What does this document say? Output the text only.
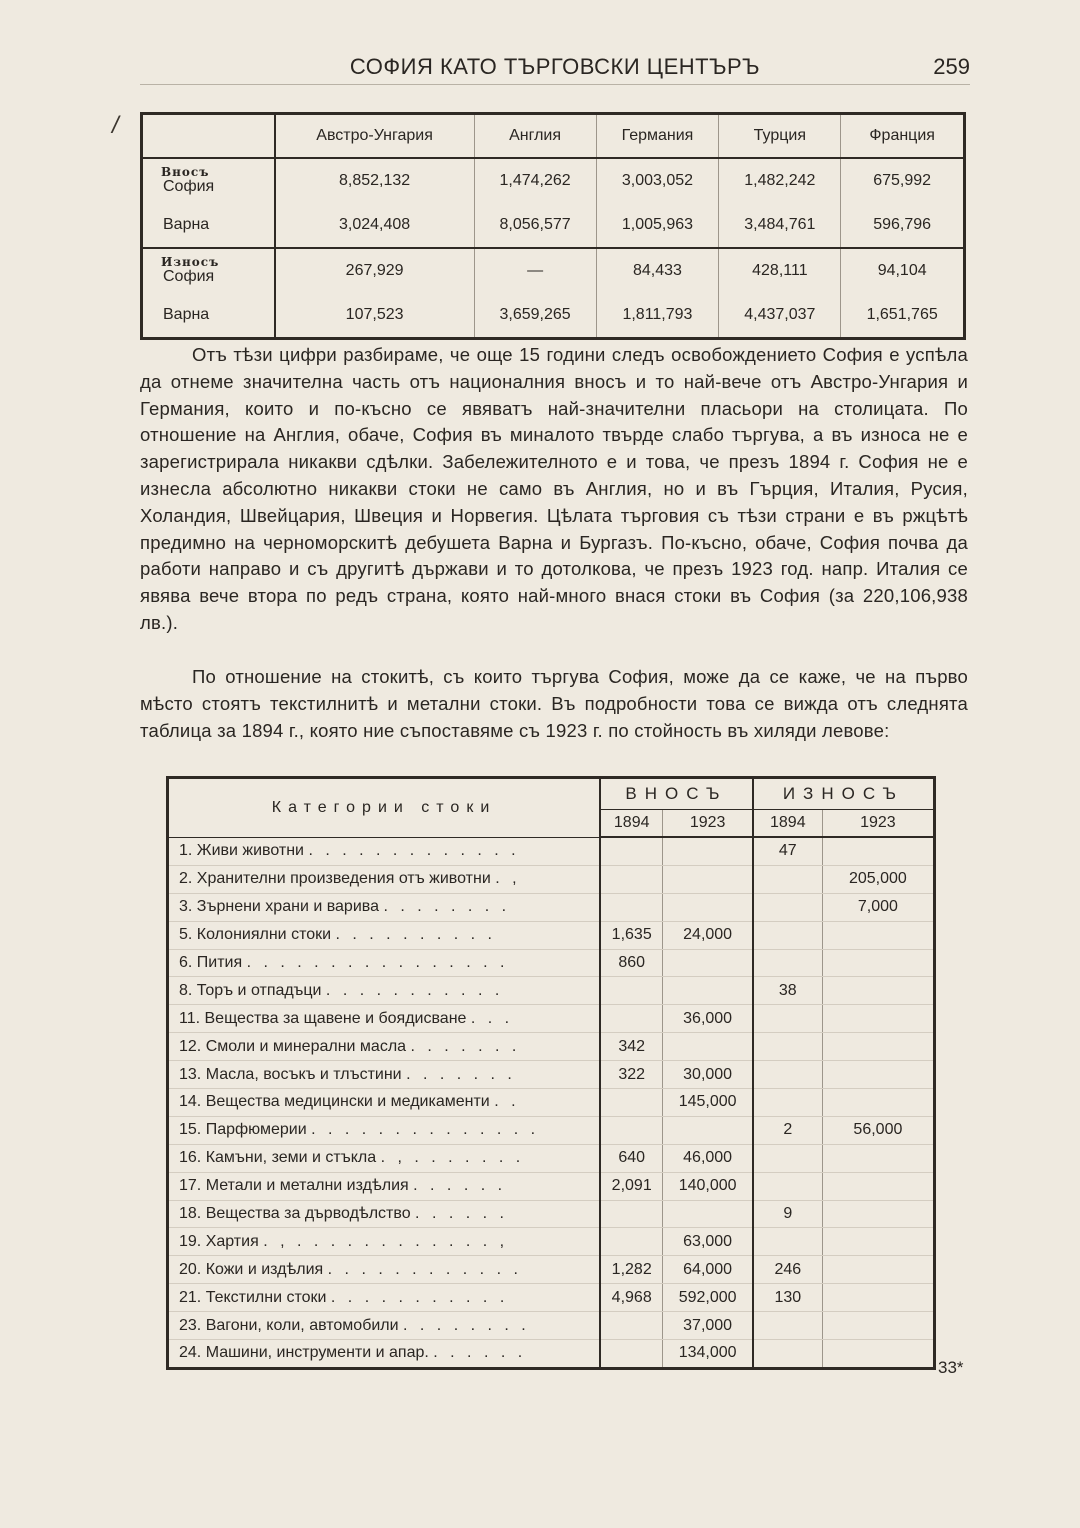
СОФИЯ КАТО ТЪРГОВСКИ ЦЕНТЪРЪ	259
/
		Австро-Унгария	Англия	Германия	Турция	Франция

Вносъ
София	8,852,132	1,474,262	3,003,052	1,482,242	675,992
Варна	3,024,408	8,056,577	1,005,963	3,484,761	596,796

Износъ
София	267,929	—	84,433	428,111	94,104
Варна	107,523	3,659,265	1,811,793	4,437,037	1,651,765

Отъ тѣзи цифри разбираме, че още 15 години следъ освобождението София е успѣла да отнеме значителна часть отъ националния вносъ и то най-вече отъ Австро-Унгария и Германия, които и по-късно се явяватъ най-значителни пласьори на столицата. По отношение на Англия, обаче, София въ миналото твърде слабо търгува, а въ износа не е зарегистрирала никакви сдѣлки. Забележителното е и това, че презъ 1894 г. София не е изнесла абсолютно никакви стоки не само въ Англия, но и въ Гърция, Италия, Русия, Холандия, Швейцария, Швеция и Норвегия. Цѣлата търговия съ тѣзи страни е въ ржцѣтѣ предимно на черноморскитѣ дебушета Варна и Бургазъ. По-късно, обаче, София почва да работи направо и съ другитѣ държави и то дотолкова, че презъ 1923 год. напр. Италия се явява вече втора по редъ страна, която най-много внася стоки въ София (за 220,106,938 лв.).

По отношение на стокитѣ, съ които търгува София, може да се каже, че на първо мѣсто стоятъ текстилнитѣ и метални стоки. Въ подробности това се вижда отъ следнята таблица за 1894 г., която ние съпоставяме съ 1923 г. по стойность въ хиляди левове:

Категории стоки	ВНОСЪ		ИЗНОСЪ	
	1894	1923	1894	1923
1. Живи животни . . . . . . . . . . . . .			47	
2. Хранителни произведения отъ животни . ,				205,000
3. Зърнени храни и варива . . . . . . . .				7,000
5. Колониялни стоки . . . . . . . . . .	1,635	24,000		
6. Пития . . . . . . . . . . . . . . . .	860			
8. Торъ и отпадъци . . . . . . . . . . .			38	
11. Вещества за щавене и боядисване . . .		36,000		
12. Смоли и минерални масла . . . . . . .	342			
13. Масла, восъкъ и тлъстини . . . . . . .	322	30,000		
14. Вещества медицински и медикаменти . .		145,000		
15. Парфюмерии . . . . . . . . . . . . . .			2	56,000
16. Камъни, земи и стъкла . , . . . . . . .	640	46,000		
17. Метали и метални издѣлия . . . . . .	2,091	140,000		
18. Вещества за дърводѣлство . . . . . .			9	
19. Хартия . , . . . . . . . . . . . . ,		63,000		
20. Кожи и издѣлия . . . . . . . . . . . .	1,282	64,000	246	
21. Текстилни стоки . . . . . . . . . . .	4,968	592,000	130	
23. Вагони, коли, автомобили . . . . . . . .		37,000		
24. Машини, инструменти и апар. . . . . . .		134,000		
33*
